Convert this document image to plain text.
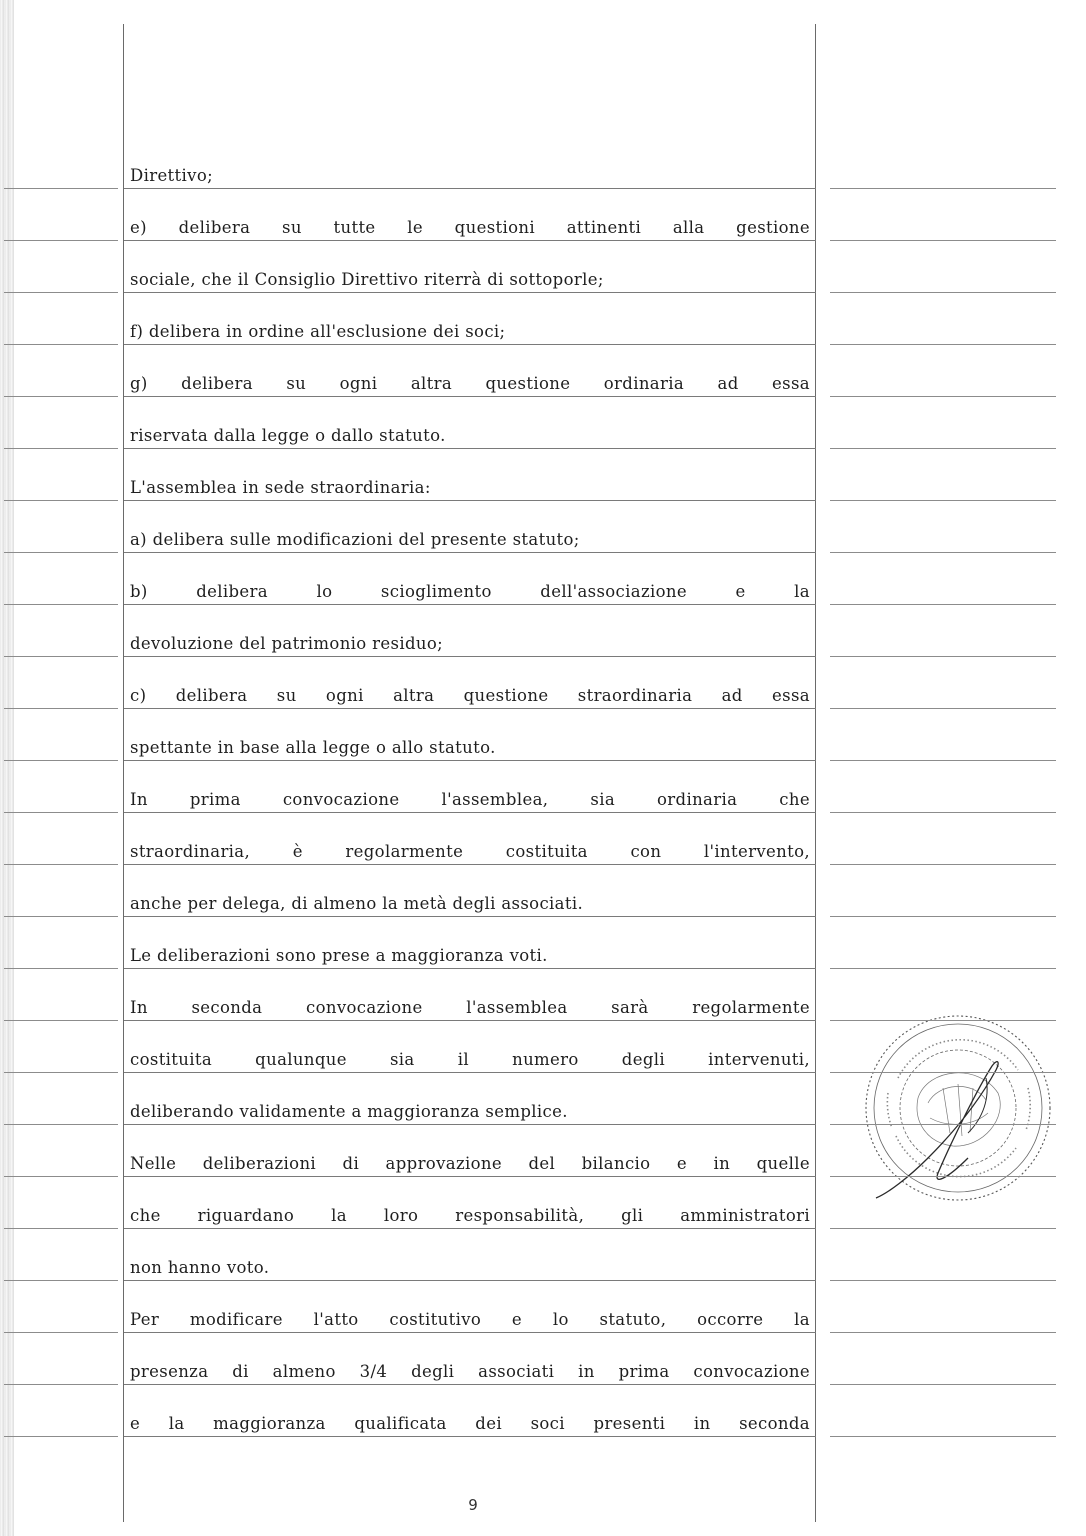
Direttivo;
e) delibera su tutte le questioni attinenti alla gestione
sociale, che il Consiglio Direttivo riterrà di sottoporle;
f) delibera in ordine all'esclusione dei soci;
g) delibera su ogni altra questione ordinaria ad essa
riservata dalla legge o dallo statuto.
L'assemblea in sede straordinaria:
a) delibera sulle modificazioni del presente statuto;
b) delibera lo scioglimento dell'associazione e la
devoluzione del patrimonio residuo;
c) delibera su ogni altra questione straordinaria ad essa
spettante in base alla legge o allo statuto.
In prima convocazione l'assemblea, sia ordinaria che
straordinaria, è regolarmente costituita con l'intervento,
anche per delega, di almeno la metà degli associati.
Le deliberazioni sono prese a maggioranza voti.
In seconda convocazione l'assemblea sarà regolarmente
costituita qualunque sia il numero degli intervenuti,
deliberando validamente a maggioranza semplice.
Nelle deliberazioni di approvazione del bilancio e in quelle
che riguardano la loro responsabilità, gli amministratori
non hanno voto.
Per modificare l'atto costitutivo e lo statuto, occorre la
presenza di almeno 3/4 degli associati in prima convocazione
e la maggioranza qualificata dei soci presenti in seconda
9
